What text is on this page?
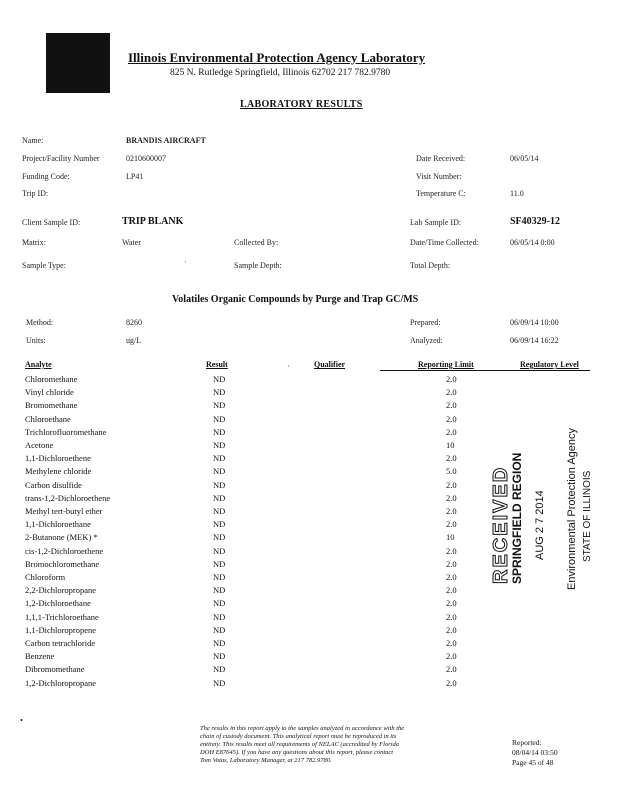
Illinois Environmental Protection Agency Laboratory
825 N. Rutledge Springfield, Illinois 62702 217 782.9780
LABORATORY RESULTS
Name:	BRANDIS AIRCRAFT
Project/Facility Number	0210600007	Date Received:	06/05/14
Funding Code:	LP41	Visit Number:
Trip ID:	Temperature C:	11.0
Client Sample ID:	TRIP BLANK	Lab Sample ID:	SF40329-12
Matrix:	Water	Collected By:	Date/Time Collected:	06/05/14 0:00
Sample Type:	'	Sample Depth:	Total Depth:
Volatiles Organic Compounds by Purge and Trap GC/MS
Method:	8260	Prepared:	06/09/14 10:00
Units:	ug/L	Analyzed:	06/09/14 16:22
Analyte	Result	·	Qualifier	Reporting Limit	Regulatory Level
Chloromethane	ND	2.0
Vinyl chloride	ND	2.0
Bromomethane	ND	2.0
Chloroethane	ND	2.0
Trichlorofluoromethane	ND	2.0
Acetone	ND	10
1,1-Dichloroethene	ND	2.0
Methylene chloride	ND	5.0
Carbon disulfide	ND	2.0
trans-1,2-Dichloroethene	ND	2.0
Methyl tert-butyl ether	ND	2.0
1,1-Dichloroethane	ND	2.0
2-Butanone (MEK) *	ND	10
cis-1,2-Dichloroethene	ND	2.0
Bromochloromethane	ND	2.0
Chloroform	ND	2.0
2,2-Dichloropropane	ND	2.0
1,2-Dichloroethane	ND	2.0
1,1,1-Trichloroethane	ND	2.0
1,1-Dichloropropene	ND	2.0
Carbon tetrachloride	ND	2.0
Benzene	ND	2.0
Dibromomethane	ND	2.0
1,2-Dichloropropane	ND	2.0
RECEIVED
SPRINGFIELD REGION AUG 2 7 2014 Environmental Protection Agency STATE OF ILLINOIS
•
The results in this report apply to the samples analyzed in accordance with the
chain of custody document. This analytical report must be reproduced in its
entirety. This results meet all requirements of NELAC (accredited by Florida
DOH E87645). If you have any questions about this report, please contact
Tom Votas, Laboratory Manager, at 217 782.9780.
Reported:
08/04/14 03:50
Page 45 of 48
